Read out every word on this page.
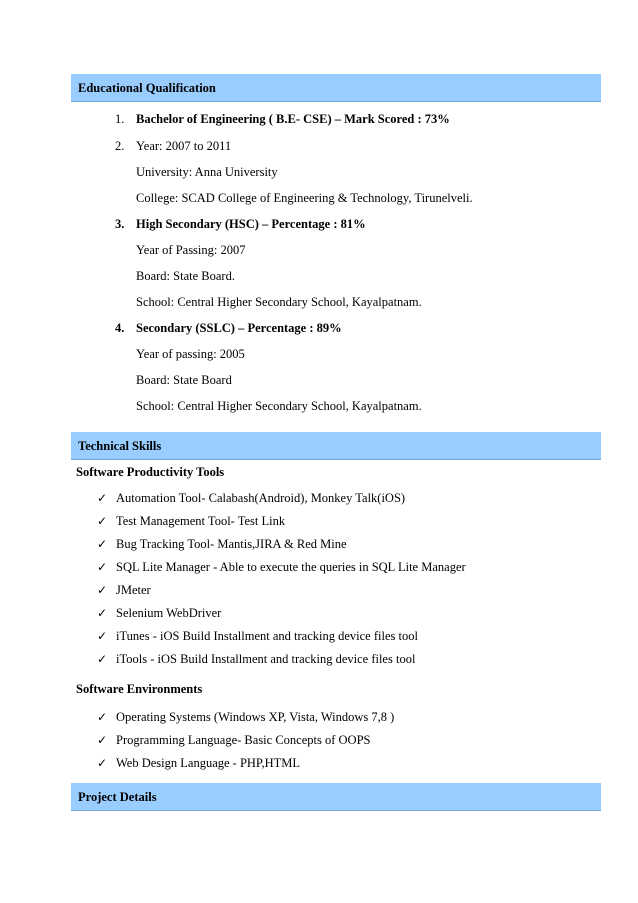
Educational Qualification
1. Bachelor of Engineering ( B.E- CSE) – Mark Scored : 73%
2. Year: 2007 to 2011
University: Anna University
College: SCAD College of Engineering & Technology, Tirunelveli.
3. High Secondary (HSC) – Percentage : 81%
Year of Passing: 2007
Board: State Board.
School: Central Higher Secondary School, Kayalpatnam.
4. Secondary (SSLC) – Percentage : 89%
Year of passing: 2005
Board: State Board
School: Central Higher Secondary School, Kayalpatnam.
Technical Skills
Software Productivity Tools
✓ Automation Tool- Calabash(Android), Monkey Talk(iOS)
✓ Test Management Tool- Test Link
✓ Bug Tracking Tool- Mantis,JIRA & Red Mine
✓ SQL Lite Manager - Able to execute the queries in SQL Lite Manager
✓ JMeter
✓ Selenium WebDriver
✓ iTunes - iOS Build Installment and tracking device files tool
✓ iTools - iOS Build Installment and tracking device files tool
Software Environments
✓ Operating Systems (Windows XP, Vista, Windows 7,8 )
✓ Programming Language- Basic Concepts of OOPS
✓ Web Design Language - PHP,HTML
Project Details
